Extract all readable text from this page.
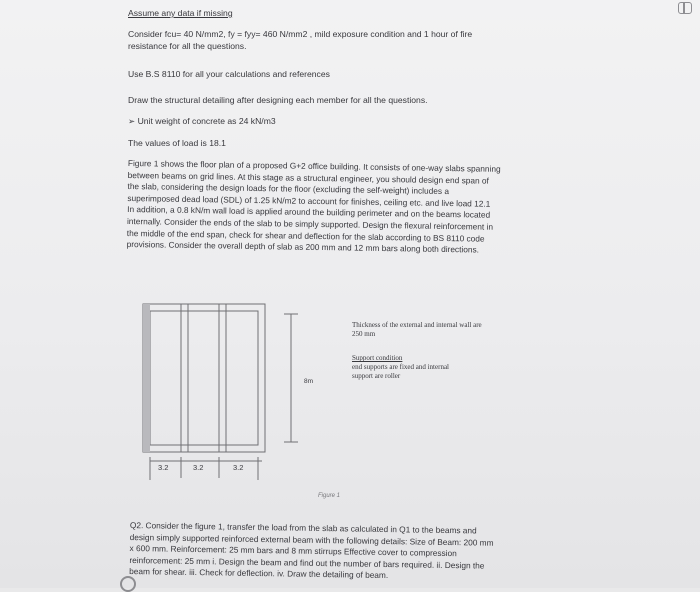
Assume any data if missing
Consider fcu= 40 N/mm2, fy = fyy= 460 N/mm2 , mild exposure condition and 1 hour of fire
resistance for all the questions.
Use B.S 8110 for all your calculations and references
Draw the structural detailing after designing each member for all the questions.
➢ Unit weight of concrete as 24 kN/m3
The values of load is 18.1
Figure 1 shows the floor plan of a proposed G+2 office building. It consists of one-way slabs spanning
between beams on grid lines. At this stage as a structural engineer, you should design end span of
the slab, considering the design loads for the floor (excluding the self-weight) includes a
superimposed dead load (SDL) of 1.25 kN/m2 to account for finishes, ceiling etc. and live load 12.1
In addition, a 0.8 kN/m wall load is applied around the building perimeter and on the beams located
internally. Consider the ends of the slab to be simply supported. Design the flexural reinforcement in
the middle of the end span, check for shear and deflection for the slab according to BS 8110 code
provisions. Consider the overall depth of slab as 200 mm and 12 mm bars along both directions.
3.2	3.2	3.2
8m
Thickness of the external and internal wall are
250 mm
Support condition
end supports are fixed and internal
support are roller
Figure 1
Q2. Consider the figure 1, transfer the load from the slab as calculated in Q1 to the beams and
design simply supported reinforced external beam with the following details: Size of Beam: 200 mm
x 600 mm. Reinforcement: 25 mm bars and 8 mm stirrups Effective cover to compression
reinforcement: 25 mm i. Design the beam and find out the number of bars required. ii. Design the
beam for shear. iii. Check for deflection. iv. Draw the detailing of beam.
